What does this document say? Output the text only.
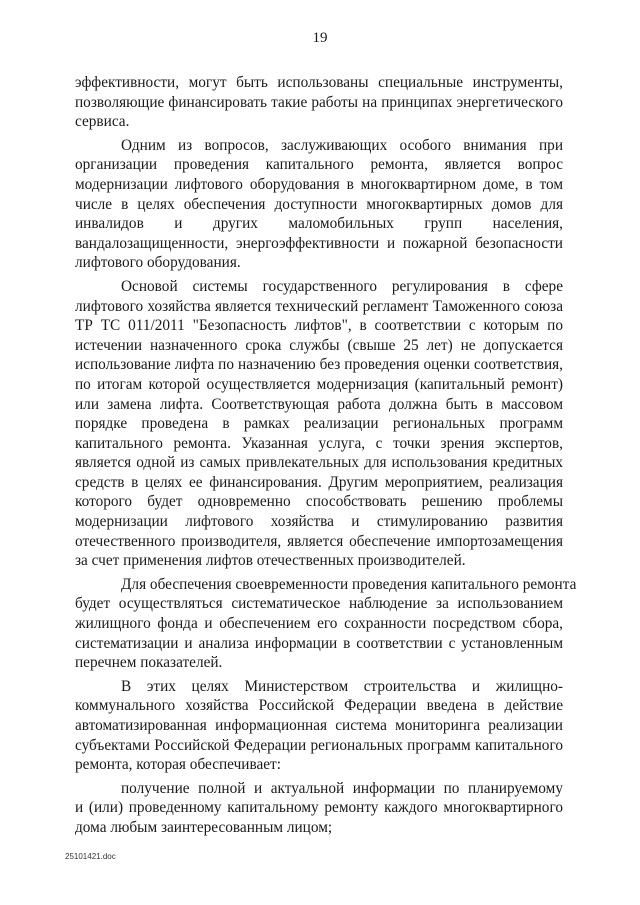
19

эффективности, могут быть использованы специальные инструменты,
позволяющие финансировать такие работы на принципах энергетического
сервиса.

Одним из вопросов, заслуживающих особого внимания при
организации проведения капитального ремонта, является вопрос
модернизации лифтового оборудования в многоквартирном доме, в том
числе в целях обеспечения доступности многоквартирных домов для
инвалидов и других маломобильных групп населения,
вандалозащищенности, энергоэффективности и пожарной безопасности
лифтового оборудования.

Основой системы государственного регулирования в сфере
лифтового хозяйства является технический регламент Таможенного союза
ТР ТС 011/2011 "Безопасность лифтов", в соответствии с которым по
истечении назначенного срока службы (свыше 25 лет) не допускается
использование лифта по назначению без проведения оценки соответствия,
по итогам которой осуществляется модернизация (капитальный ремонт)
или замена лифта. Соответствующая работа должна быть в массовом
порядке проведена в рамках реализации региональных программ
капитального ремонта. Указанная услуга, с точки зрения экспертов,
является одной из самых привлекательных для использования кредитных
средств в целях ее финансирования. Другим мероприятием, реализация
которого будет одновременно способствовать решению проблемы
модернизации лифтового хозяйства и стимулированию развития
отечественного производителя, является обеспечение импортозамещения
за счет применения лифтов отечественных производителей.

Для обеспечения своевременности проведения капитального ремонта
будет осуществляться систематическое наблюдение за использованием
жилищного фонда и обеспечением его сохранности посредством сбора,
систематизации и анализа информации в соответствии с установленным
перечнем показателей.

В этих целях Министерством строительства и жилищно-
коммунального хозяйства Российской Федерации введена в действие
автоматизированная информационная система мониторинга реализации
субъектами Российской Федерации региональных программ капитального
ремонта, которая обеспечивает:

получение полной и актуальной информации по планируемому
и (или) проведенному капитальному ремонту каждого многоквартирного
дома любым заинтересованным лицом;

25101421.doc
